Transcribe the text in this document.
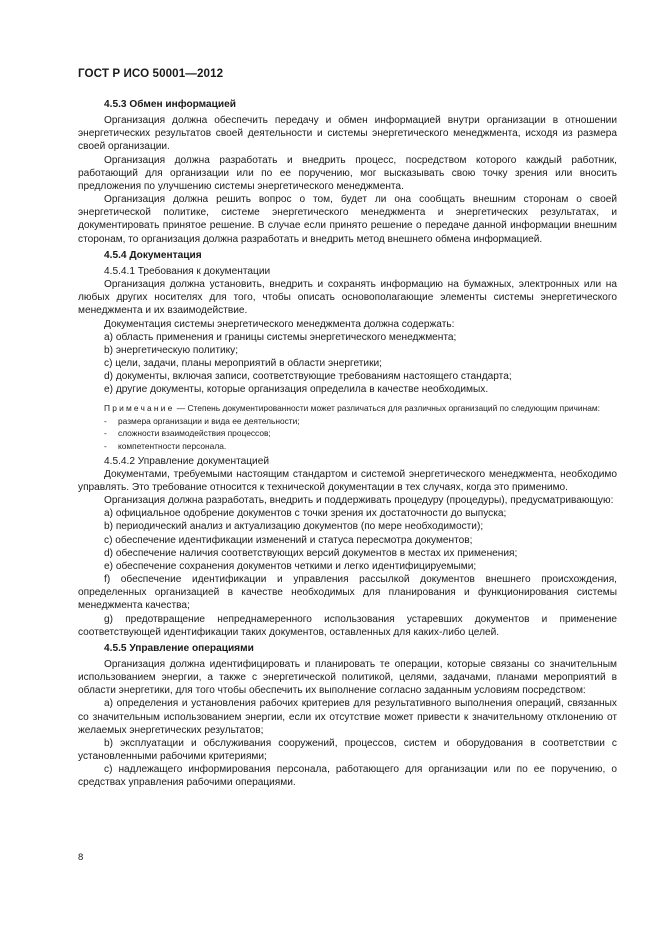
ГОСТ Р ИСО 50001—2012

4.5.3 Обмен информацией

Организация должна обеспечить передачу и обмен информацией внутри организации в отношении энергетических результатов своей деятельности и системы энергетического менеджмента, исходя из размера своей организации.

Организация должна разработать и внедрить процесс, посредством которого каждый работник, работающий для организации или по ее поручению, мог высказывать свою точку зрения или вносить предложения по улучшению системы энергетического менеджмента.

Организация должна решить вопрос о том, будет ли она сообщать внешним сторонам о своей энергетической политике, системе энергетического менеджмента и энергетических результатах, и документировать принятое решение. В случае если принято решение о передаче данной информации внешним сторонам, то организация должна разработать и внедрить метод внешнего обмена информацией.

4.5.4 Документация

4.5.4.1 Требования к документации

Организация должна установить, внедрить и сохранять информацию на бумажных, электронных или на любых других носителях для того, чтобы описать основополагающие элементы системы энергетического менеджмента и их взаимодействие.

Документация системы энергетического менеджмента должна содержать:

a) область применения и границы системы энергетического менеджмента;

b) энергетическую политику;

c) цели, задачи, планы мероприятий в области энергетики;

d) документы, включая записи, соответствующие требованиям настоящего стандарта;

e) другие документы, которые организация определила в качестве необходимых.

Примечание — Степень документированности может различаться для различных организаций по следующим причинам:

- размера организации и вида ее деятельности;

- сложности взаимодействия процессов;

- компетентности персонала.

4.5.4.2 Управление документацией

Документами, требуемыми настоящим стандартом и системой энергетического менеджмента, необходимо управлять. Это требование относится к технической документации в тех случаях, когда это применимо.

Организация должна разработать, внедрить и поддерживать процедуру (процедуры), предусматривающую:

a) официальное одобрение документов с точки зрения их достаточности до выпуска;

b) периодический анализ и актуализацию документов (по мере необходимости);

c) обеспечение идентификации изменений и статуса пересмотра документов;

d) обеспечение наличия соответствующих версий документов в местах их применения;

e) обеспечение сохранения документов четкими и легко идентифицируемыми;

f) обеспечение идентификации и управления рассылкой документов внешнего происхождения, определенных организацией в качестве необходимых для планирования и функционирования системы менеджмента качества;

g) предотвращение непреднамеренного использования устаревших документов и применение соответствующей идентификации таких документов, оставленных для каких-либо целей.

4.5.5 Управление операциями

Организация должна идентифицировать и планировать те операции, которые связаны со значительным использованием энергии, а также с энергетической политикой, целями, задачами, планами мероприятий в области энергетики, для того чтобы обеспечить их выполнение согласно заданным условиям посредством:

a) определения и установления рабочих критериев для результативного выполнения операций, связанных со значительным использованием энергии, если их отсутствие может привести к значительному отклонению от желаемых энергетических результатов;

b) эксплуатации и обслуживания сооружений, процессов, систем и оборудования в соответствии с установленными рабочими критериями;

c) надлежащего информирования персонала, работающего для организации или по ее поручению, о средствах управления рабочими операциями.

8
